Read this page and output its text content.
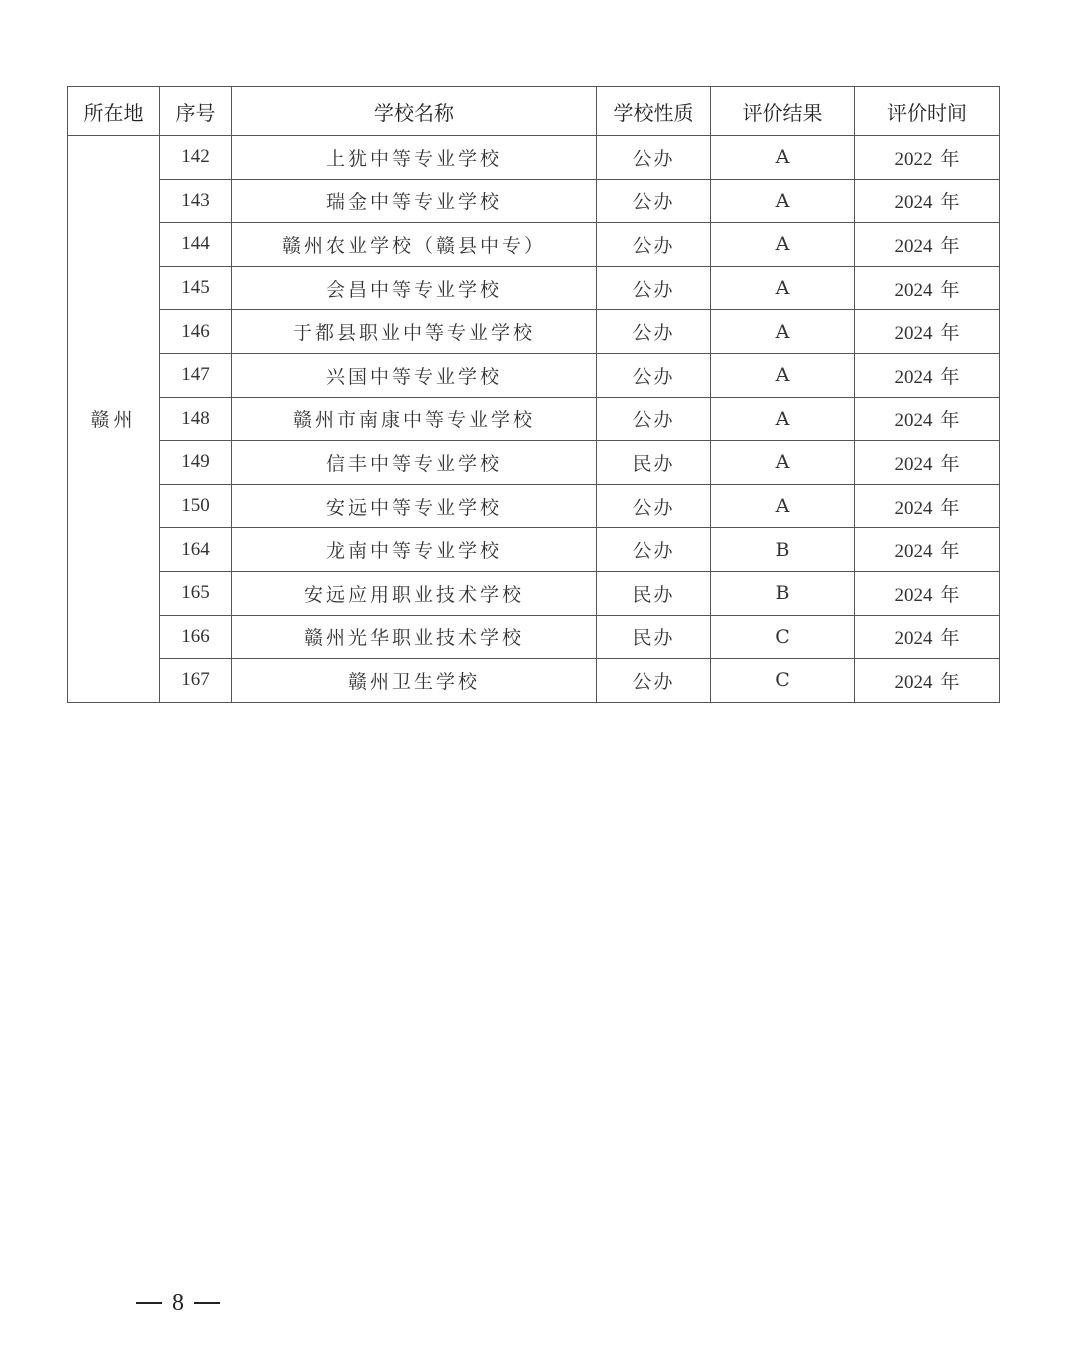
所在地	序号	学校名称	学校性质	评价结果	评价时间
赣州	142	上犹中等专业学校	公办	A	2022 年
	143	瑞金中等专业学校	公办	A	2024 年
	144	赣州农业学校（赣县中专）	公办	A	2024 年
	145	会昌中等专业学校	公办	A	2024 年
	146	于都县职业中等专业学校	公办	A	2024 年
	147	兴国中等专业学校	公办	A	2024 年
	148	赣州市南康中等专业学校	公办	A	2024 年
	149	信丰中等专业学校	民办	A	2024 年
	150	安远中等专业学校	公办	A	2024 年
	164	龙南中等专业学校	公办	B	2024 年
	165	安远应用职业技术学校	民办	B	2024 年
	166	赣州光华职业技术学校	民办	C	2024 年
	167	赣州卫生学校	公办	C	2024 年
8
